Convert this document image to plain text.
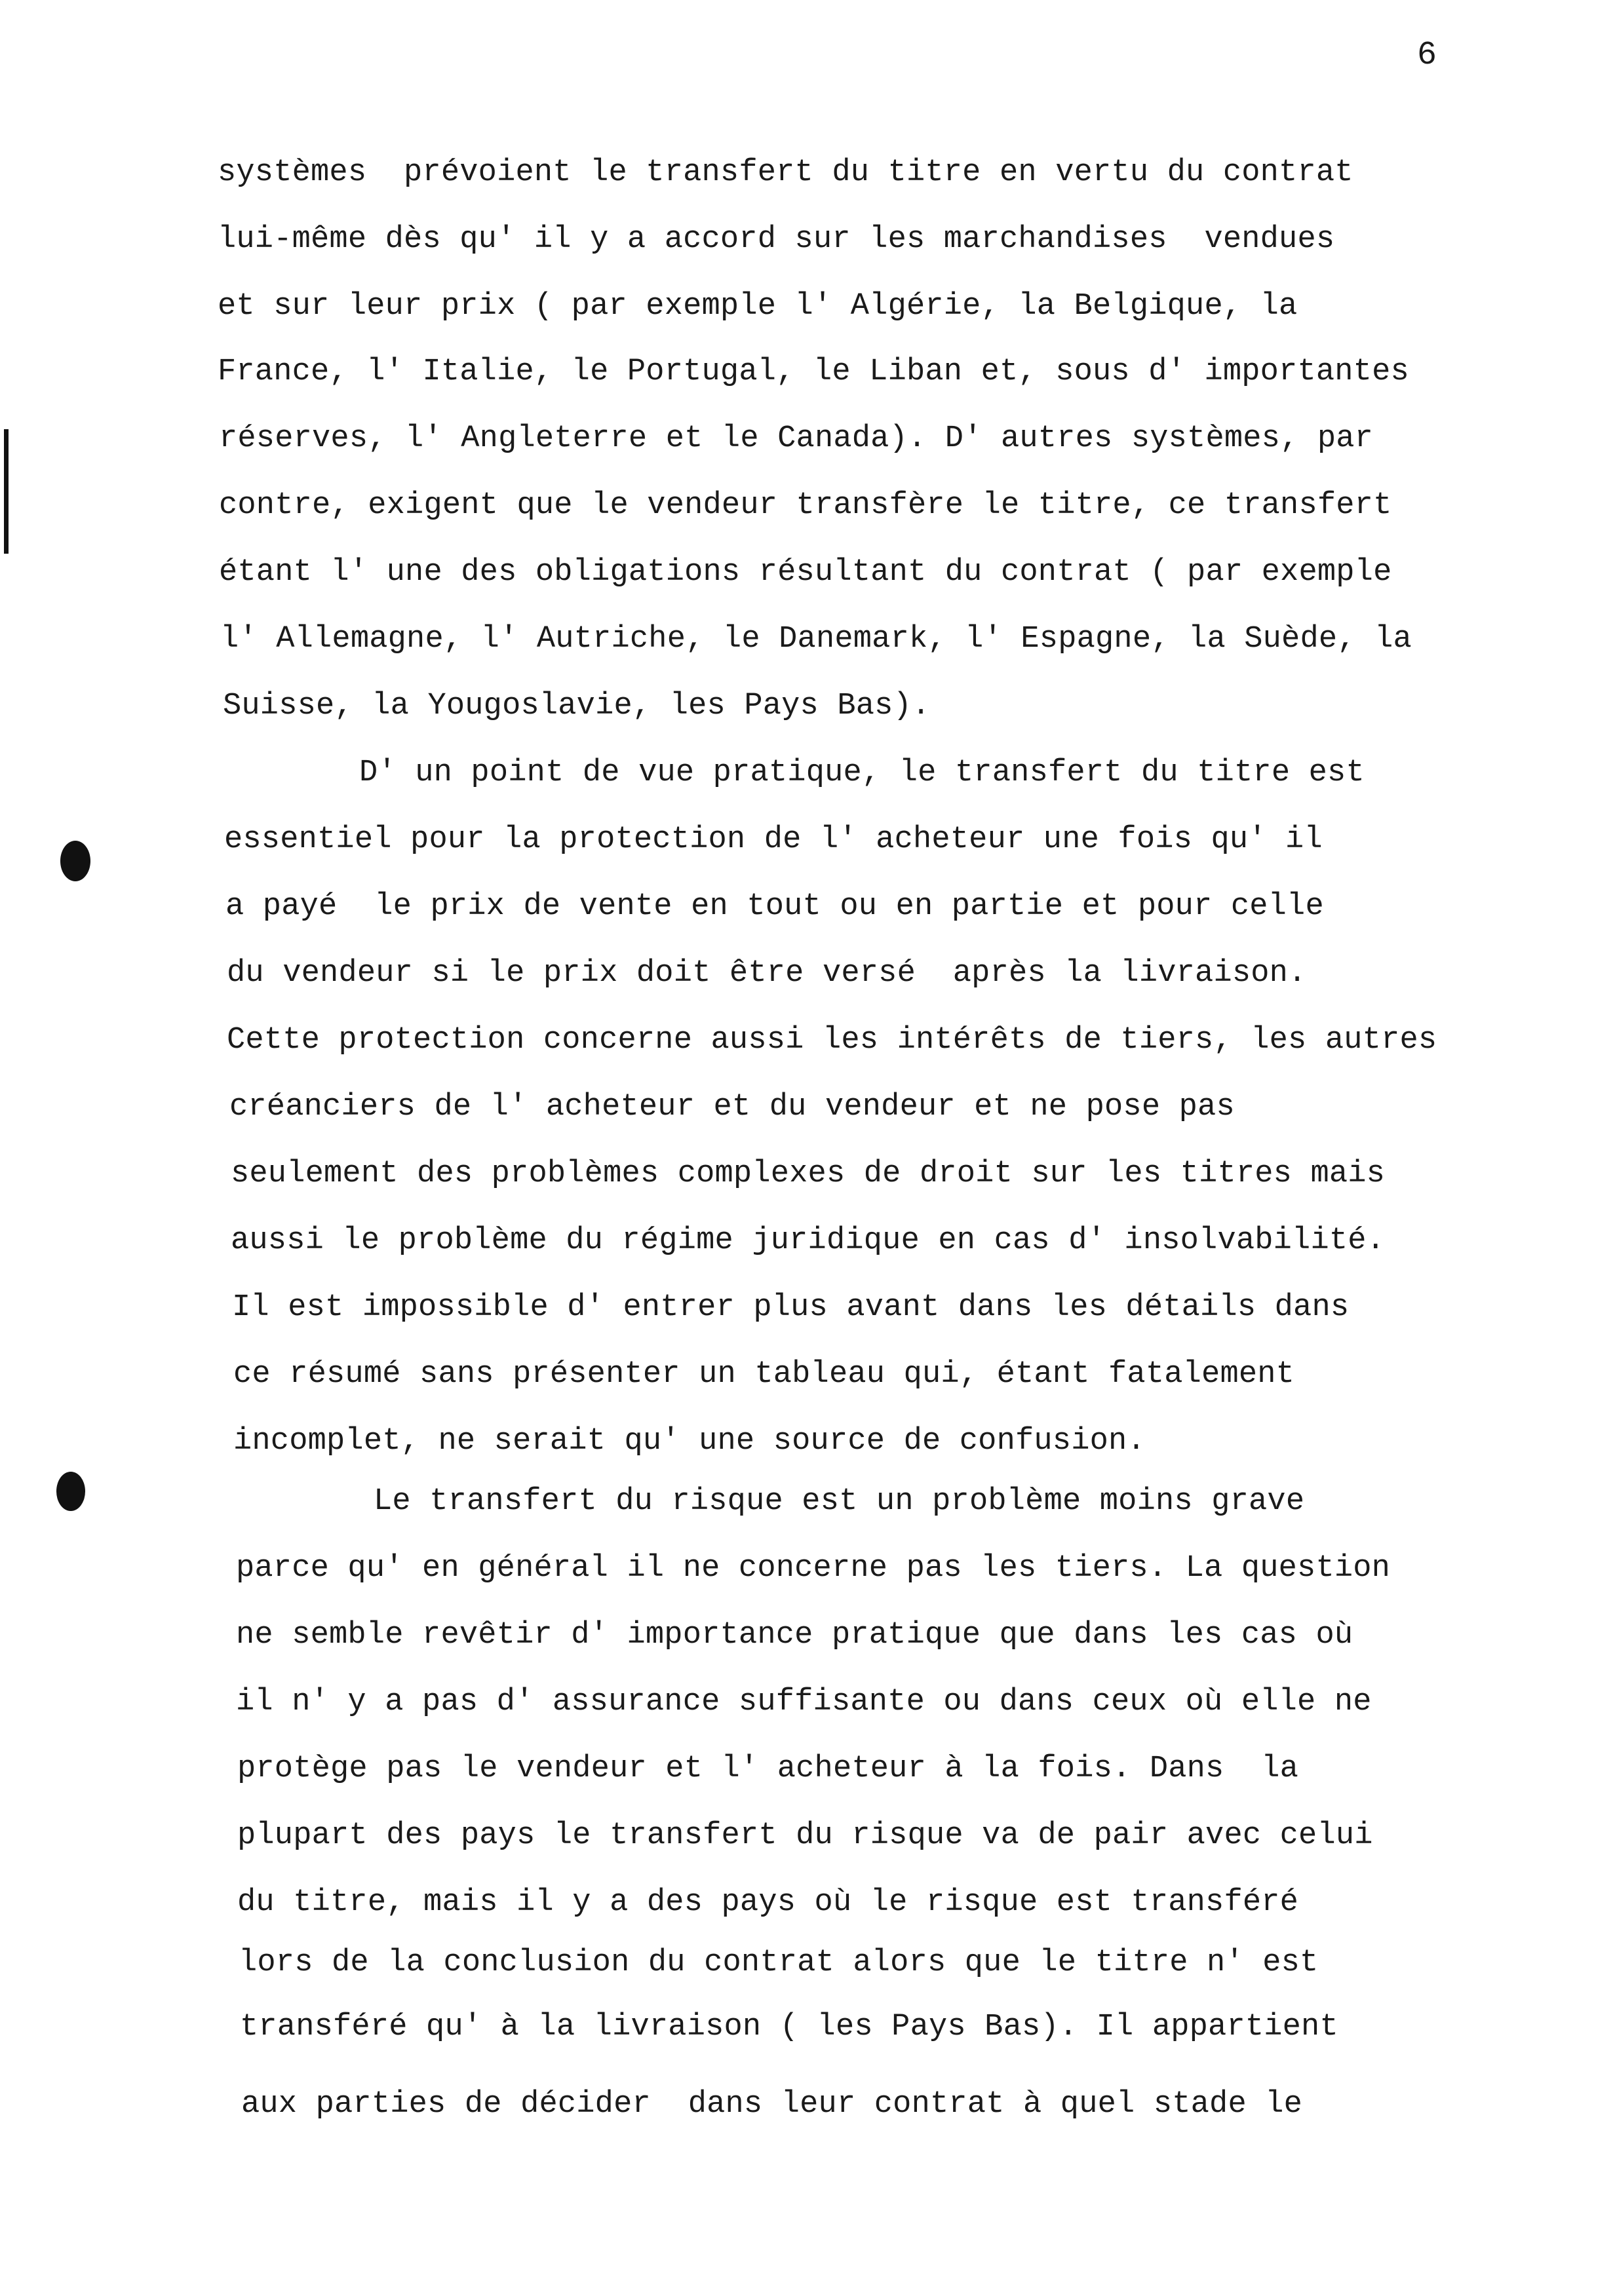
6
systèmes  prévoient le transfert du titre en vertu du contrat
lui-même dès qu' il y a accord sur les marchandises  vendues
et sur leur prix ( par exemple l' Algérie, la Belgique, la
France, l' Italie, le Portugal, le Liban et, sous d' importantes
réserves, l' Angleterre et le Canada). D' autres systèmes, par
contre, exigent que le vendeur transfère le titre, ce transfert
étant l' une des obligations résultant du contrat ( par exemple
l' Allemagne, l' Autriche, le Danemark, l' Espagne, la Suède, la
Suisse, la Yougoslavie, les Pays Bas).
D' un point de vue pratique, le transfert du titre est
essentiel pour la protection de l' acheteur une fois qu' il
a payé  le prix de vente en tout ou en partie et pour celle
du vendeur si le prix doit être versé  après la livraison.
Cette protection concerne aussi les intérêts de tiers, les autres
créanciers de l' acheteur et du vendeur et ne pose pas
seulement des problèmes complexes de droit sur les titres mais
aussi le problème du régime juridique en cas d' insolvabilité.
Il est impossible d' entrer plus avant dans les détails dans
ce résumé sans présenter un tableau qui, étant fatalement
incomplet, ne serait qu' une source de confusion.
Le transfert du risque est un problème moins grave
parce qu' en général il ne concerne pas les tiers. La question
ne semble revêtir d' importance pratique que dans les cas où
il n' y a pas d' assurance suffisante ou dans ceux où elle ne
protège pas le vendeur et l' acheteur à la fois. Dans  la
plupart des pays le transfert du risque va de pair avec celui
du titre, mais il y a des pays où le risque est transféré
lors de la conclusion du contrat alors que le titre n' est
transféré qu' à la livraison ( les Pays Bas). Il appartient
aux parties de décider  dans leur contrat à quel stade le
